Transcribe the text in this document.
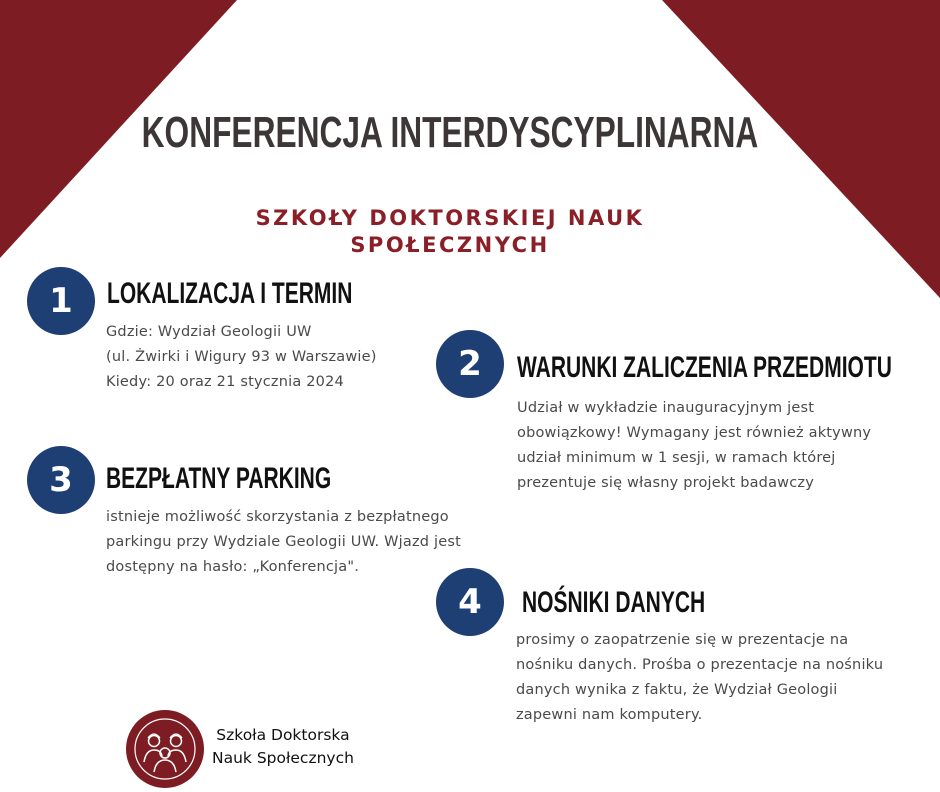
KONFERENCJA INTERDYSCYPLINARNA
SZKOŁY DOKTORSKIEJ NAUK SPOŁECZNYCH
1	LOKALIZACJA I TERMIN
Gdzie: Wydział Geologii UW
(ul. Żwirki i Wigury 93 w Warszawie)
Kiedy: 20 oraz 21 stycznia 2024	2	WARUNKI ZALICZENIA PRZEDMIOTU
Udział w wykładzie inauguracyjnym jest
obowiązkowy! Wymagany jest również aktywny
udział minimum w 1 sesji, w ramach której
prezentuje się własny projekt badawczy
3	BEZPŁATNY PARKING
istnieje możliwość skorzystania z bezpłatnego
parkingu przy Wydziale Geologii UW. Wjazd jest
dostępny na hasło: „Konferencja".
4	NOŚNIKI DANYCH
prosimy o zaopatrzenie się w prezentacje na
nośniku danych. Prośba o prezentacje na nośniku
danych wynika z faktu, że Wydział Geologii
zapewni nam komputery.
Szkoła Doktorska
Nauk Społecznych
